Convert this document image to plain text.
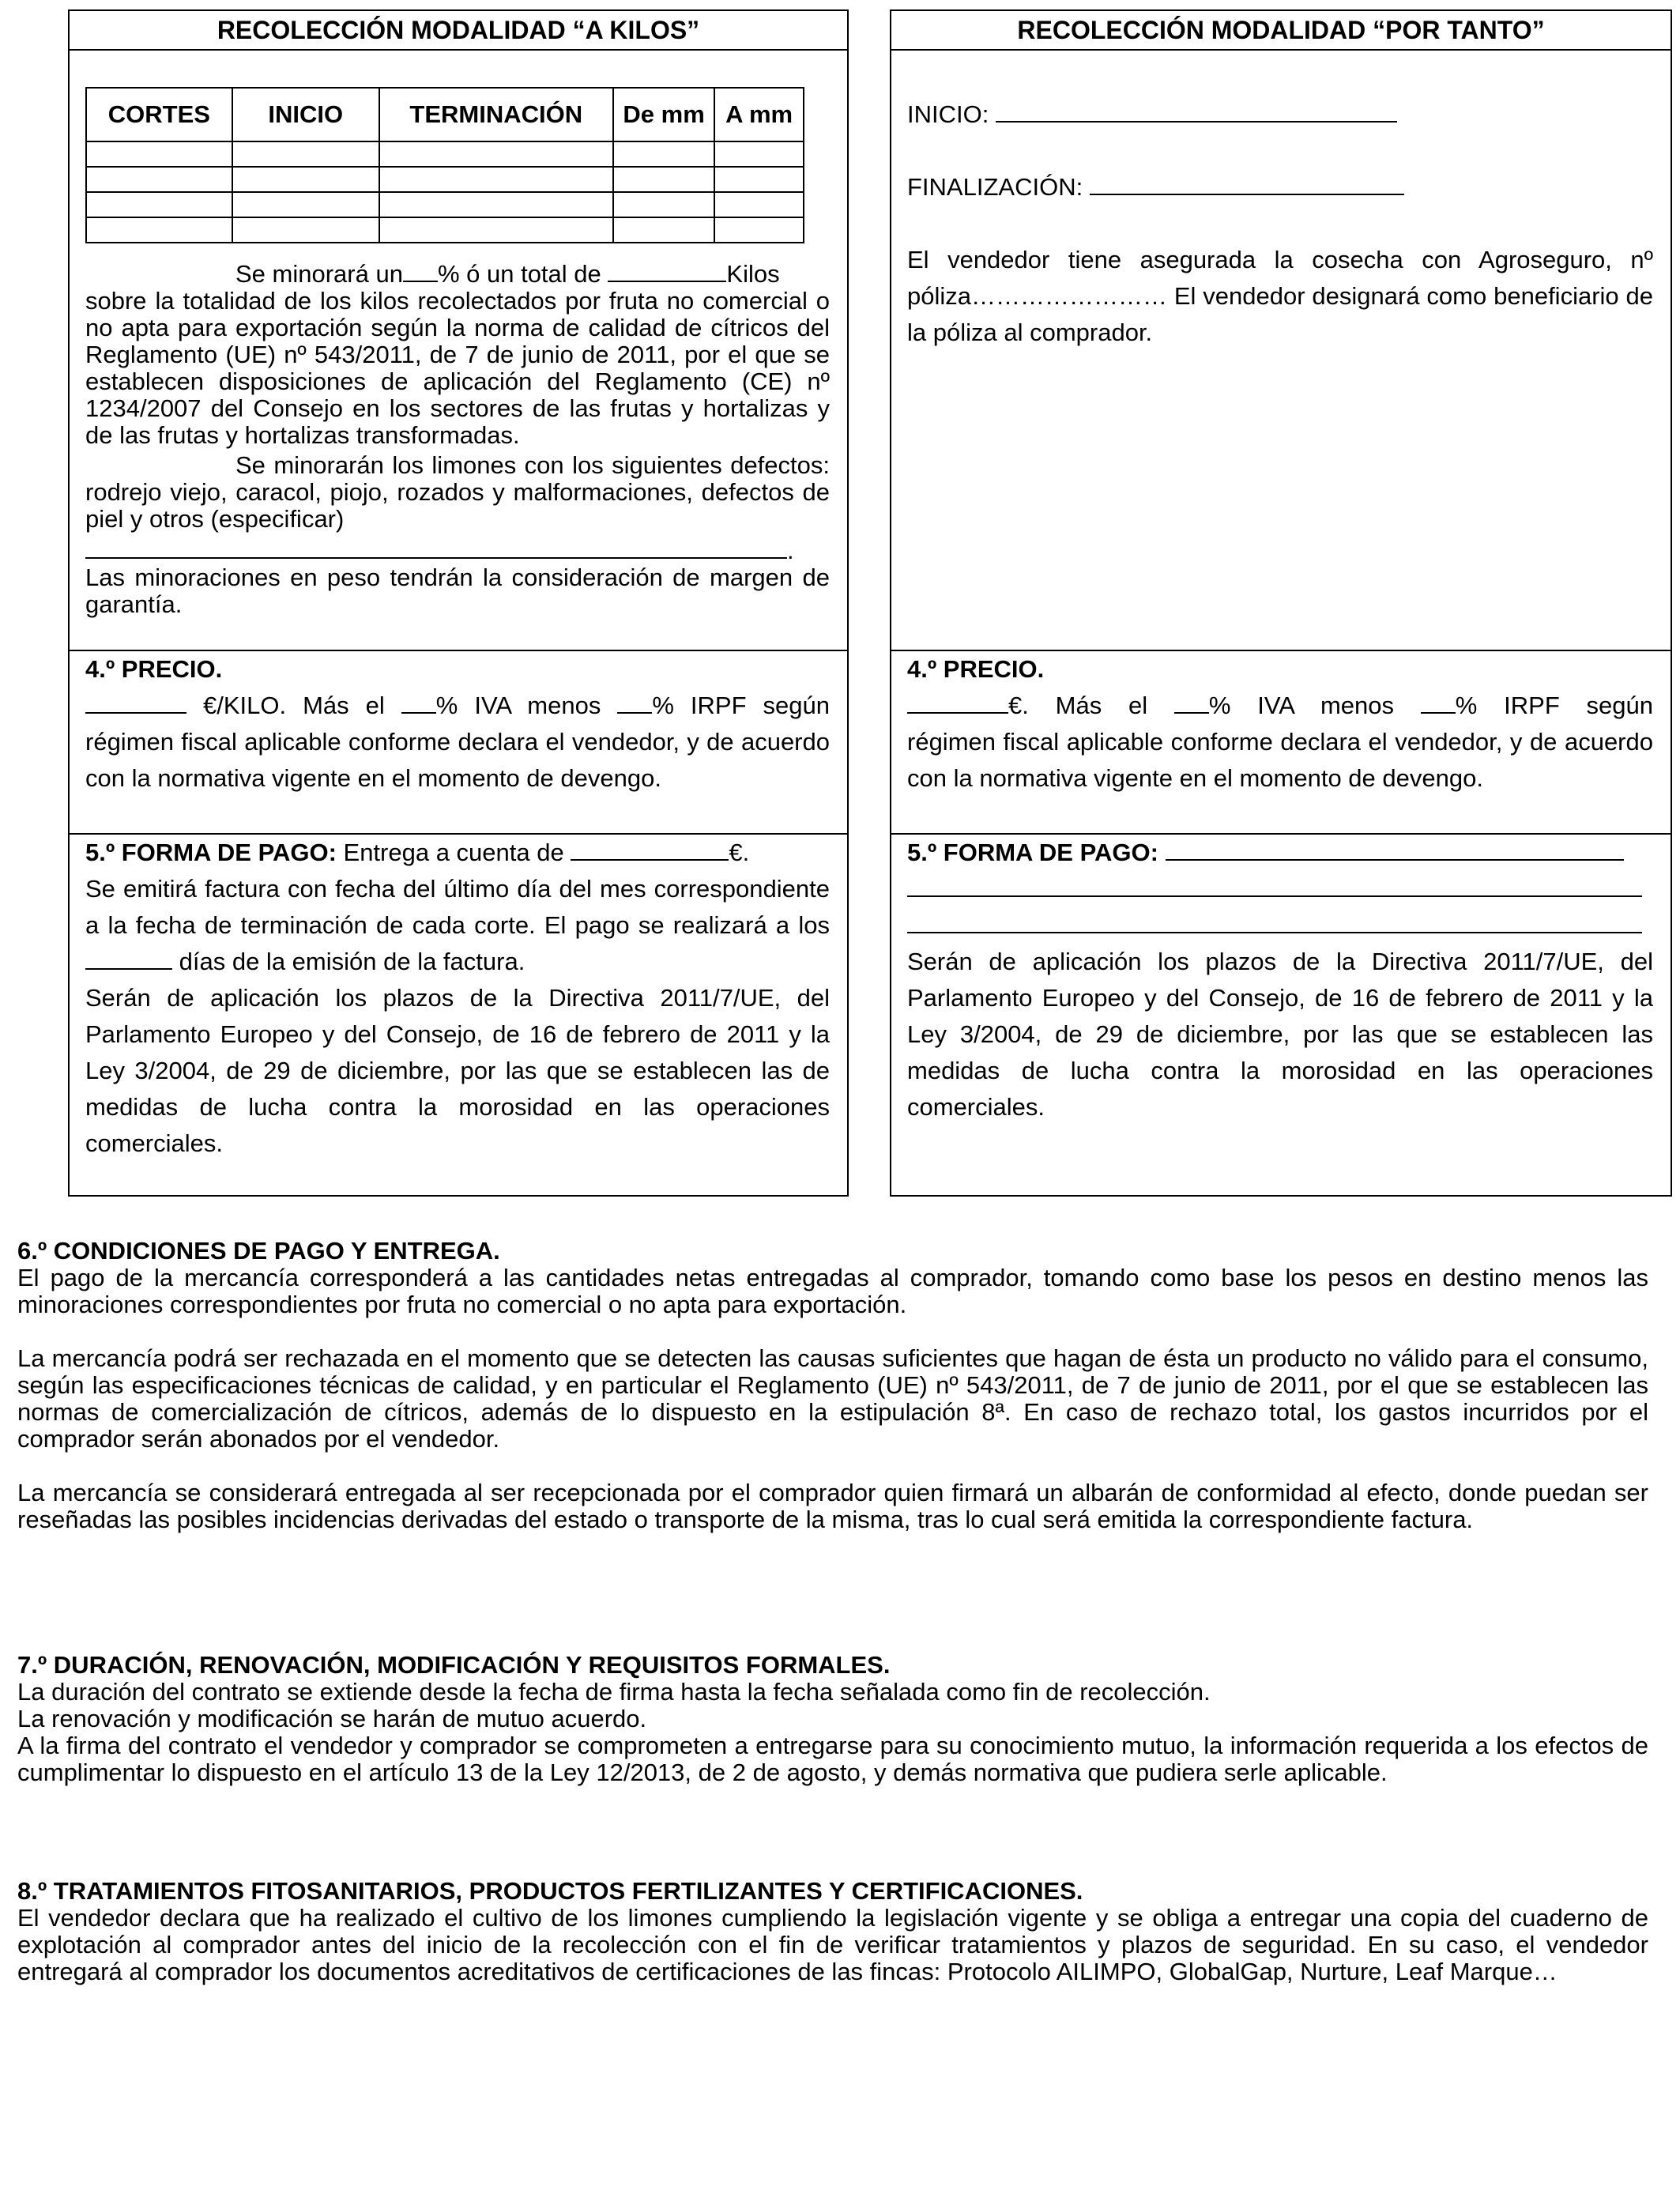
RECOLECCIÓN MODALIDAD “A KILOS”
CORTES	INICIO	TERMINACIÓN	De mm	A mm

Se minorará un % ó un total de	Kilos
sobre la totalidad de los kilos recolectados por fruta no comercial o no apta para exportación según la norma de calidad de cítricos del Reglamento (UE) nº 543/2011, de 7 de junio de 2011, por el que se establecen disposiciones de aplicación del Reglamento (CE) nº 1234/2007 del Consejo en los sectores de las frutas y hortalizas y de las frutas y hortalizas transformadas.
Se minorarán los limones con los siguientes defectos: rodrejo viejo, caracol, piojo, rozados y malformaciones, defectos de piel y otros (especificar)
.
Las minoraciones en peso tendrán la consideración de margen de garantía.
4.º PRECIO.
€/KILO. Más el % IVA menos % IRPF según
régimen fiscal aplicable conforme declara el vendedor, y de acuerdo con la normativa vigente en el momento de devengo.
5.º FORMA DE PAGO: Entrega a cuenta de	€.
Se emitirá factura con fecha del último día del mes correspondiente a la fecha de terminación de cada corte. El pago se realizará a los  días de la emisión de la factura.
Serán de aplicación los plazos de la Directiva 2011/7/UE, del Parlamento Europeo y del Consejo, de 16 de febrero de 2011 y la Ley 3/2004, de 29 de diciembre, por las que se establecen las de medidas de lucha contra la morosidad en las operaciones comerciales.
RECOLECCIÓN MODALIDAD “POR TANTO”
INICIO:
FINALIZACIÓN:
El vendedor tiene asegurada la cosecha con Agroseguro, nº póliza…………………… El vendedor designará como beneficiario de la póliza al comprador.
4.º PRECIO.
€. Más el	% IVA menos	% IRPF según
régimen fiscal aplicable conforme declara el vendedor, y de acuerdo con la normativa vigente en el momento de devengo.
5.º FORMA DE PAGO:
Serán de aplicación los plazos de la Directiva 2011/7/UE, del Parlamento Europeo y del Consejo, de 16 de febrero de 2011 y la Ley 3/2004, de 29 de diciembre, por las que se establecen las medidas de lucha contra la morosidad en las operaciones comerciales.
6.º CONDICIONES DE PAGO Y ENTREGA.
El pago de la mercancía corresponderá a las cantidades netas entregadas al comprador, tomando como base los pesos en destino menos las minoraciones correspondientes por fruta no comercial o no apta para exportación.
La mercancía podrá ser rechazada en el momento que se detecten las causas suficientes que hagan de ésta un producto no válido para el consumo, según las especificaciones técnicas de calidad, y en particular el Reglamento (UE) nº 543/2011, de 7 de junio de 2011, por el que se establecen las normas de comercialización de cítricos, además de lo dispuesto en la estipulación 8ª. En caso de rechazo total, los gastos incurridos por el comprador serán abonados por el vendedor.
La mercancía se considerará entregada al ser recepcionada por el comprador quien firmará un albarán de conformidad al efecto, donde puedan ser reseñadas las posibles incidencias derivadas del estado o transporte de la misma, tras lo cual será emitida la correspondiente factura.
7.º DURACIÓN, RENOVACIÓN, MODIFICACIÓN Y REQUISITOS FORMALES.
La duración del contrato se extiende desde la fecha de firma hasta la fecha señalada como fin de recolección.
La renovación y modificación se harán de mutuo acuerdo.
A la firma del contrato el vendedor y comprador se comprometen a entregarse para su conocimiento mutuo, la información requerida a los efectos de cumplimentar lo dispuesto en el artículo 13 de la Ley 12/2013, de 2 de agosto, y demás normativa que pudiera serle aplicable.
8.º TRATAMIENTOS FITOSANITARIOS, PRODUCTOS FERTILIZANTES Y CERTIFICACIONES.
El vendedor declara que ha realizado el cultivo de los limones cumpliendo la legislación vigente y se obliga a entregar una copia del cuaderno de explotación al comprador antes del inicio de la recolección con el fin de verificar tratamientos y plazos de seguridad. En su caso, el vendedor entregará al comprador los documentos acreditativos de certificaciones de las fincas: Protocolo AILIMPO, GlobalGap, Nurture, Leaf Marque…
